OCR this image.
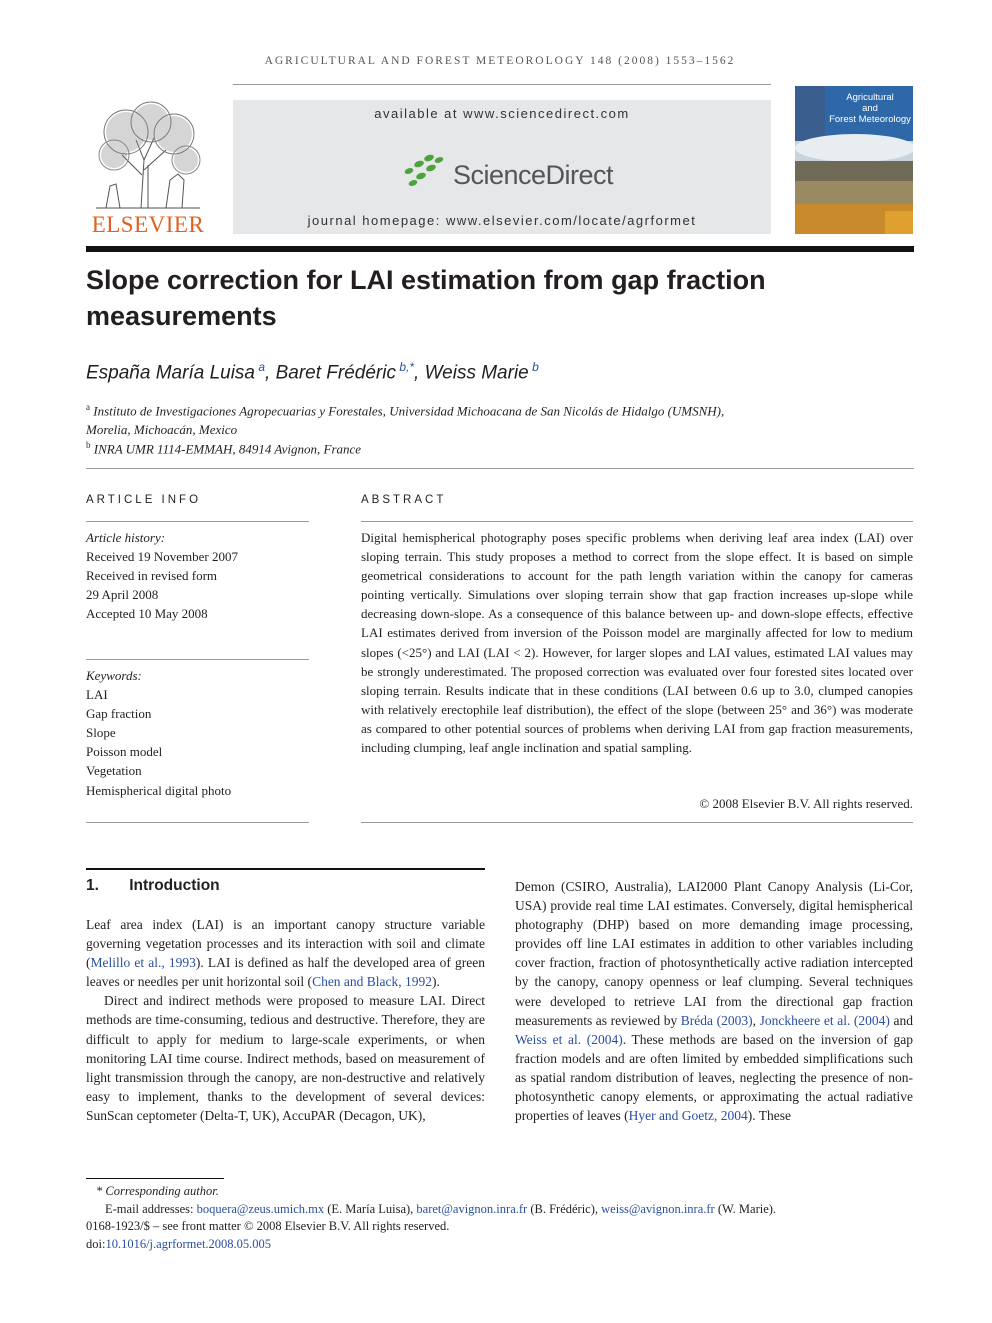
AGRICULTURAL AND FOREST METEOROLOGY 148 (2008) 1553–1562
ELSEVIER
available at www.sciencedirect.com
ScienceDirect
journal homepage: www.elsevier.com/locate/agrformet
Agricultural
and
Forest Meteorology
Slope correction for LAI estimation from gap fraction
measurements
España María Luisa $^a$, Baret Frédéric $^{b,*}$, Weiss Marie $^b$
$^a$ Instituto de Investigaciones Agropecuarias y Forestales, Universidad Michoacana de San Nicolás de Hidalgo (UMSNH),
Morelia, Michoacán, Mexico
$^b$ INRA UMR 1114-EMMAH, 84914 Avignon, France
ARTICLE INFO

Article history:

Received 19 November 2007

Received in revised form

29 April 2008

Accepted 10 May 2008

Keywords:

LAI

Gap fraction

Slope

Poisson model

Vegetation

Hemispherical digital photo

ABSTRACT

Digital hemispherical photography poses specific problems when deriving leaf area index (LAI) over sloping terrain. This study proposes a method to correct from the slope effect. It is based on simple geometrical considerations to account for the path length variation within the canopy for cameras pointing vertically. Simulations over sloping terrain show that gap fraction increases up-slope while decreasing down-slope. As a consequence of this balance between up- and down-slope effects, effective LAI estimates derived from inversion of the Poisson model are marginally affected for low to medium slopes (<25°) and LAI (LAI < 2). However, for larger slopes and LAI values, estimated LAI values may be strongly underestimated. The proposed correction was evaluated over four forested sites located over sloping terrain. Results indicate that in these conditions (LAI between 0.6 up to 3.0, clumped canopies with relatively erectophile leaf distribution), the effect of the slope (between 25° and 36°) was moderate as compared to other potential sources of problems when deriving LAI from gap fraction measurements, including clumping, leaf angle inclination and spatial sampling.

© 2008 Elsevier B.V. All rights reserved.
1. Introduction

Leaf area index (LAI) is an important canopy structure variable governing vegetation processes and its interaction with soil and climate (Melillo et al., 1993). LAI is defined as half the developed area of green leaves or needles per unit horizontal soil (Chen and Black, 1992).

Direct and indirect methods were proposed to measure LAI. Direct methods are time-consuming, tedious and destructive. Therefore, they are difficult to apply for medium to large-scale experiments, or when monitoring LAI time course. Indirect methods, based on measurement of light transmission through the canopy, are non-destructive and relatively easy to implement, thanks to the development of several devices: SunScan ceptometer (Delta-T, UK), AccuPAR (Decagon, UK),

Demon (CSIRO, Australia), LAI2000 Plant Canopy Analysis (Li-Cor, USA) provide real time LAI estimates. Conversely, digital hemispherical photography (DHP) based on more demanding image processing, provides off line LAI estimates in addition to other variables including cover fraction, fraction of photosynthetically active radiation intercepted by the canopy, canopy openness or leaf clumping. Several techniques were developed to retrieve LAI from the directional gap fraction measurements as reviewed by Bréda (2003), Jonckheere et al. (2004) and Weiss et al. (2004). These methods are based on the inversion of gap fraction models and are often limited by embedded simplifications such as spatial random distribution of leaves, neglecting the presence of non-photosynthetic canopy elements, or approximating the actual radiative properties of leaves (Hyer and Goetz, 2004). These

* Corresponding author.
E-mail addresses: boquera@zeus.umich.mx (E. María Luisa), baret@avignon.inra.fr (B. Frédéric), weiss@avignon.inra.fr (W. Marie).
0168-1923/$ – see front matter © 2008 Elsevier B.V. All rights reserved.
doi:10.1016/j.agrformet.2008.05.005
